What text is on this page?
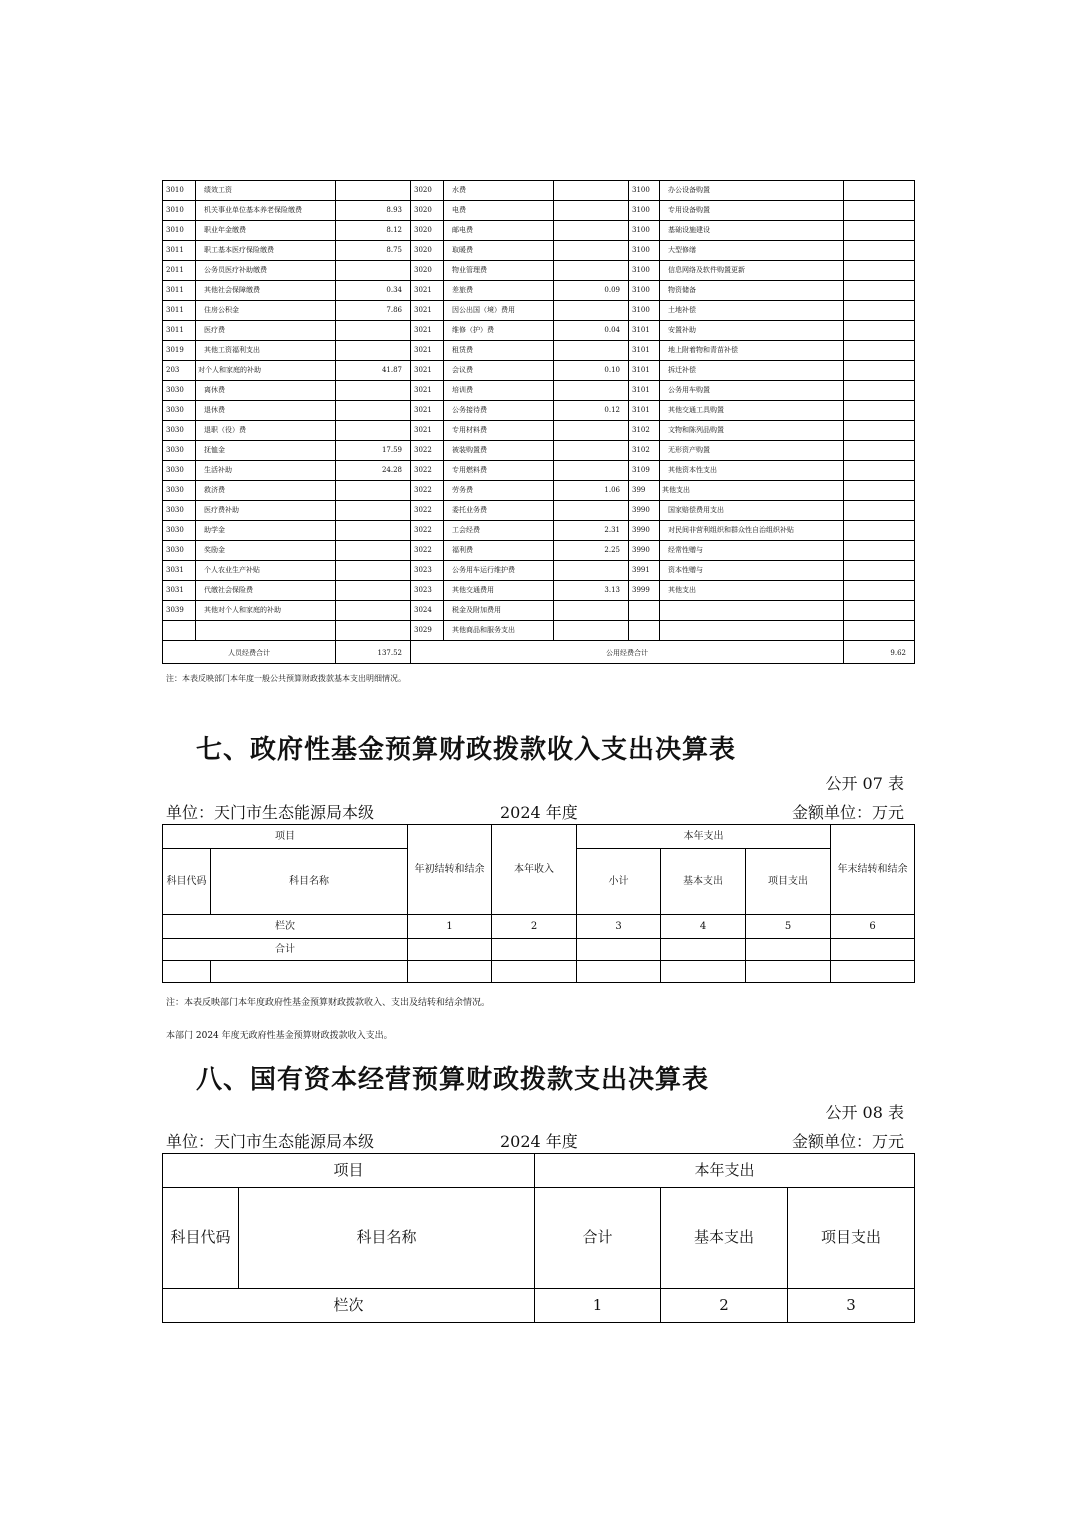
3010	绩效工资		3020	水费		3100	办公设备购置	
3010	机关事业单位基本养老保险缴费	8.93	3020	电费		3100	专用设备购置	
3010	职业年金缴费	8.12	3020	邮电费		3100	基础设施建设	
3011	职工基本医疗保险缴费	8.75	3020	取暖费		3100	大型修缮	
2011	公务员医疗补助缴费		3020	物业管理费		3100	信息网络及软件购置更新	
3011	其他社会保障缴费	0.34	3021	差旅费	0.09	3100	物资储备	
3011	住房公积金	7.86	3021	因公出国（境）费用		3100	土地补偿	
3011	医疗费		3021	维修（护）费	0.04	3101	安置补助	
3019	其他工资福利支出		3021	租赁费		3101	地上附着物和青苗补偿	
203	对个人和家庭的补助	41.87	3021	会议费	0.10	3101	拆迁补偿	
3030	离休费		3021	培训费		3101	公务用车购置	
3030	退休费		3021	公务接待费	0.12	3101	其他交通工具购置	
3030	退职（役）费		3021	专用材料费		3102	文物和陈列品购置	
3030	抚恤金	17.59	3022	被装购置费		3102	无形资产购置	
3030	生活补助	24.28	3022	专用燃料费		3109	其他资本性支出	
3030	救济费		3022	劳务费	1.06	399	其他支出	
3030	医疗费补助		3022	委托业务费		3990	国家赔偿费用支出	
3030	助学金		3022	工会经费	2.31	3990	对民间非营利组织和群众性自治组织补贴	
3030	奖励金		3022	福利费	2.25	3990	经常性赠与	
3031	个人农业生产补贴		3023	公务用车运行维护费		3991	资本性赠与	
3031	代缴社会保险费		3023	其他交通费用	3.13	3999	其他支出	
3039	其他对个人和家庭的补助		3024	税金及附加费用				
			3029	其他商品和服务支出				
人员经费合计		137.52	公用经费合计					9.62
注：本表反映部门本年度一般公共预算财政拨款基本支出明细情况。
七、政府性基金预算财政拨款收入支出决算表
公开 07 表
单位：天门市生态能源局本级	2024 年度	金额单位：万元
项目		年初结转和结余	本年收入	本年支出			年末结转和结余
科目代码	科目名称			小计	基本支出	项目支出	
栏次		1	2	3	4	5	6
合计							

注：本表反映部门本年度政府性基金预算财政拨款收入、支出及结转和结余情况。
本部门 2024 年度无政府性基金预算财政拨款收入支出。
八、国有资本经营预算财政拨款支出决算表
公开 08 表
单位：天门市生态能源局本级	2024 年度	金额单位：万元
项目		本年支出		
科目代码	科目名称	合计	基本支出	项目支出
栏次		1	2	3
